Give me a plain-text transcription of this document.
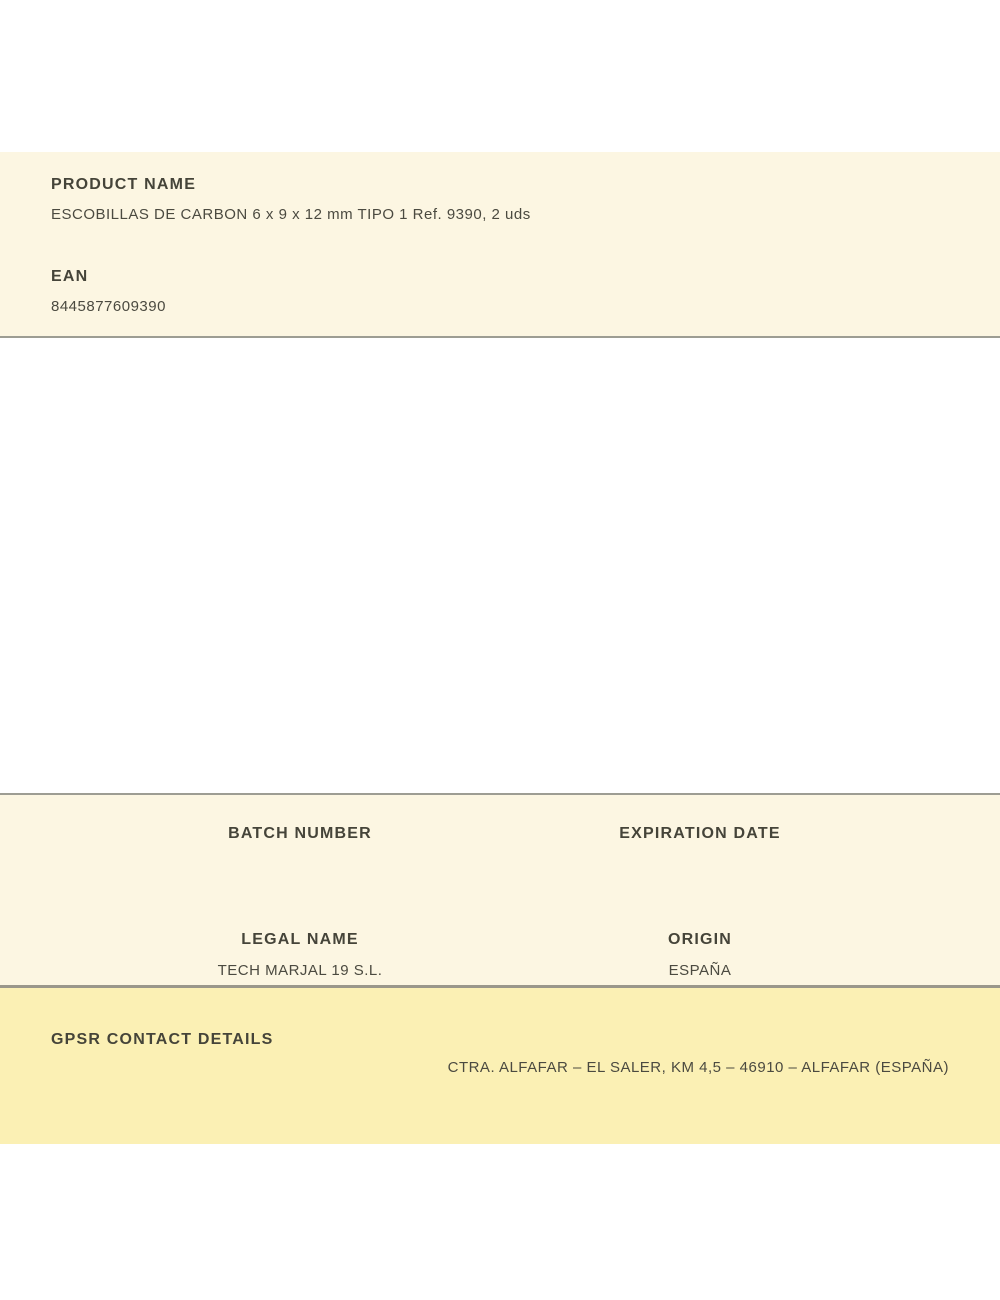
PRODUCT NAME
ESCOBILLAS DE CARBON 6 x 9 x 12 mm TIPO 1 Ref. 9390, 2 uds
EAN
8445877609390
BATCH NUMBER	EXPIRATION DATE
LEGAL NAME
TECH MARJAL 19 S.L.
ORIGIN
ESPAÑA
GPSR CONTACT DETAILS
CTRA. ALFAFAR – EL SALER, KM 4,5 – 46910 – ALFAFAR (ESPAÑA)
